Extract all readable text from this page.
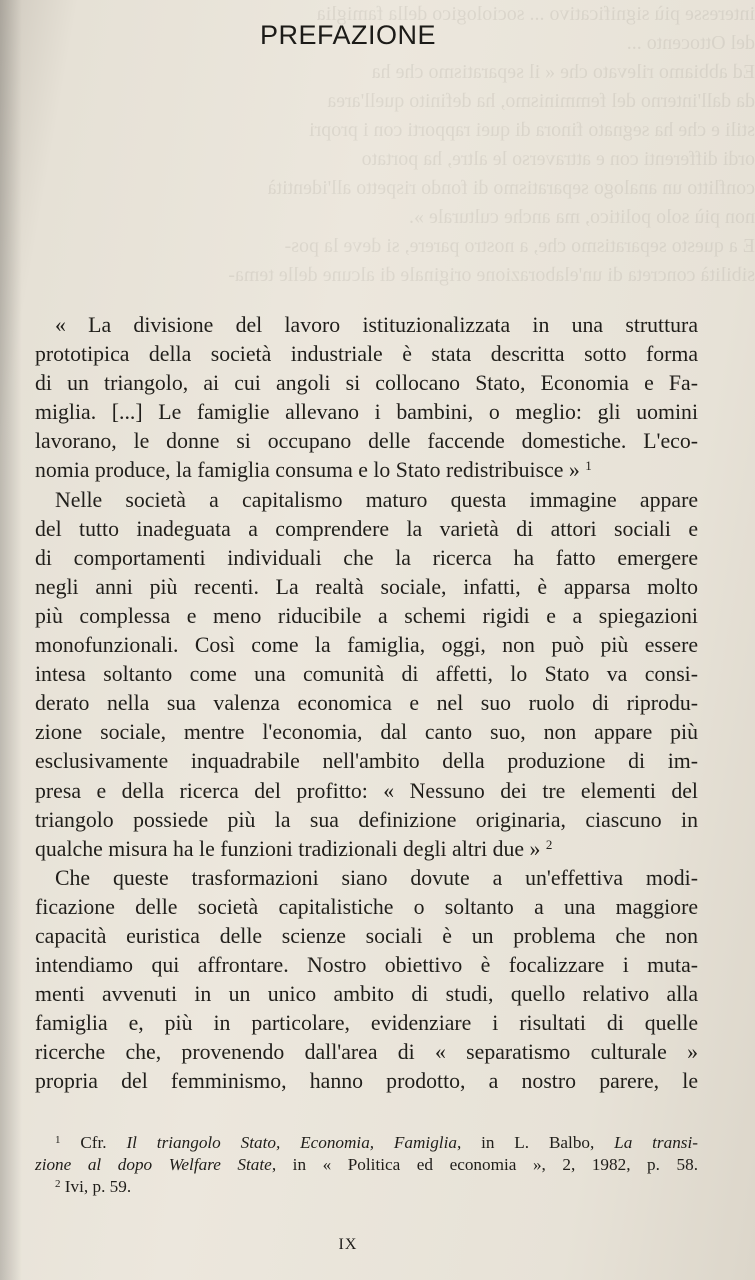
interesse più significativo ... sociologico della famiglia
del Ottocento ...
Ed abbiamo rilevato che « il separatismo che ha
da dall'interno del femminismo, ha definito quell'area
stili e che ha segnato finora di quei rapporti con i propri
ordi differenti con e attraverso le altre, ha portato
conflitto un analogo separatismo di fondo rispetto all'identità
non più solo politico, ma anche culturale ».
E a questo separatismo che, a nostro parere, si deve la pos-
sibilità concreta di un'elaborazione originale di alcune delle tema-
PREFAZIONE
« La divisione del lavoro istituzionalizzata in una struttura
prototipica della società industriale è stata descritta sotto forma
di un triangolo, ai cui angoli si collocano Stato, Economia e Fa-
miglia. [...] Le famiglie allevano i bambini, o meglio: gli uomini
lavorano, le donne si occupano delle faccende domestiche. L'eco-
nomia produce, la famiglia consuma e lo Stato redistribuisce » $^1$
Nelle società a capitalismo maturo questa immagine appare
del tutto inadeguata a comprendere la varietà di attori sociali e
di comportamenti individuali che la ricerca ha fatto emergere
negli anni più recenti. La realtà sociale, infatti, è apparsa molto
più complessa e meno riducibile a schemi rigidi e a spiegazioni
monofunzionali. Così come la famiglia, oggi, non può più essere
intesa soltanto come una comunità di affetti, lo Stato va consi-
derato nella sua valenza economica e nel suo ruolo di riprodu-
zione sociale, mentre l'economia, dal canto suo, non appare più
esclusivamente inquadrabile nell'ambito della produzione di im-
presa e della ricerca del profitto: « Nessuno dei tre elementi del
triangolo possiede più la sua definizione originaria, ciascuno in
qualche misura ha le funzioni tradizionali degli altri due » $^2$
Che queste trasformazioni siano dovute a un'effettiva modi-
ficazione delle società capitalistiche o soltanto a una maggiore
capacità euristica delle scienze sociali è un problema che non
intendiamo qui affrontare. Nostro obiettivo è focalizzare i muta-
menti avvenuti in un unico ambito di studi, quello relativo alla
famiglia e, più in particolare, evidenziare i risultati di quelle
ricerche che, provenendo dall'area di « separatismo culturale »
propria del femminismo, hanno prodotto, a nostro parere, le
$^1$ Cfr. Il triangolo Stato, Economia, Famiglia, in L. Balbo, La transi-
zione al dopo Welfare State, in « Politica ed economia », 2, 1982, p. 58.
$^2$ Ivi, p. 59.
IX
